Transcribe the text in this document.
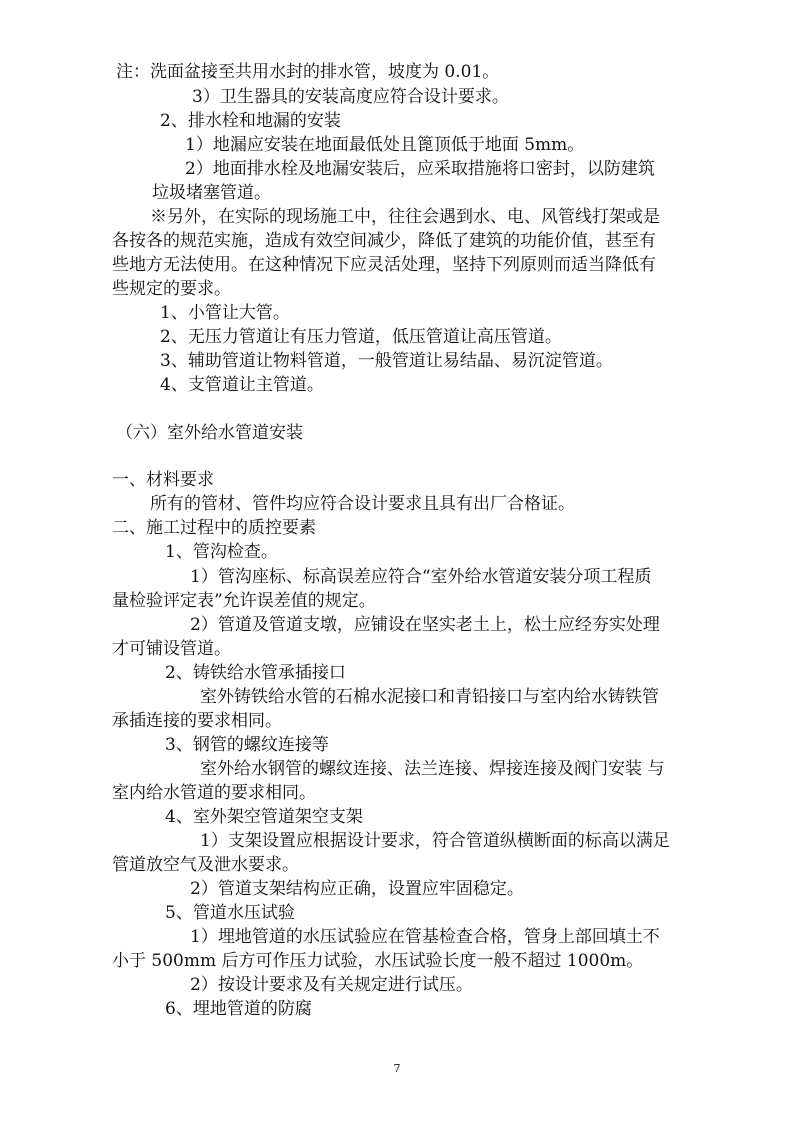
注：洗面盆接至共用水封的排水管，坡度为 0.01。
3）卫生器具的安装高度应符合设计要求。
2、排水栓和地漏的安装
1）地漏应安装在地面最低处且篦顶低于地面 5mm。
2）地面排水栓及地漏安装后，应采取措施将口密封，以防建筑
垃圾堵塞管道。
※另外，在实际的现场施工中，往往会遇到水、电、风管线打架或是
各按各的规范实施，造成有效空间减少，降低了建筑的功能价值，甚至有
些地方无法使用。在这种情况下应灵活处理，坚持下列原则而适当降低有
些规定的要求。
1、小管让大管。
2、无压力管道让有压力管道，低压管道让高压管道。
3、辅助管道让物料管道，一般管道让易结晶、易沉淀管道。
4、支管道让主管道。
（六）室外给水管道安装
一、材料要求
所有的管材、管件均应符合设计要求且具有出厂合格证。
二、施工过程中的质控要素
1、管沟检查。
1）管沟座标、标高误差应符合“室外给水管道安装分项工程质
量检验评定表”允许误差值的规定。
2）管道及管道支墩，应铺设在坚实老土上，松土应经夯实处理
才可铺设管道。
2、铸铁给水管承插接口
室外铸铁给水管的石棉水泥接口和青铅接口与室内给水铸铁管
承插连接的要求相同。
3、钢管的螺纹连接等
室外给水钢管的螺纹连接、法兰连接、焊接连接及阀门安装 与
室内给水管道的要求相同。
4、室外架空管道架空支架
1）支架设置应根据设计要求，符合管道纵横断面的标高以满足
管道放空气及泄水要求。
2）管道支架结构应正确，设置应牢固稳定。
5、管道水压试验
1）埋地管道的水压试验应在管基检查合格，管身上部回填土不
小于 500mm 后方可作压力试验，水压试验长度一般不超过 1000m。
2）按设计要求及有关规定进行试压。
6、埋地管道的防腐
7
